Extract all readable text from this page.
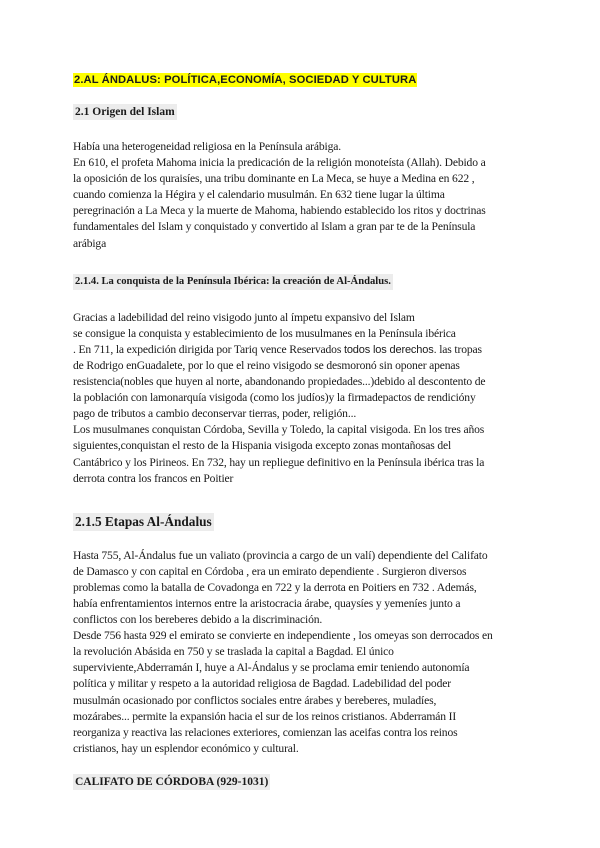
2.AL ÁNDALUS: POLÍTICA,ECONOMÍA, SOCIEDAD Y CULTURA
2.1 Origen del Islam
Había una heterogeneidad religiosa en la Península arábiga.
En 610, el profeta Mahoma inicia la predicación de la religión monoteísta (Allah). Debido a
la oposición de los quraisíes, una tribu dominante en La Meca, se huye a Medina en 622 ,
cuando comienza la Hégira y el calendario musulmán. En 632 tiene lugar la última
peregrinación a La Meca y la muerte de Mahoma, habiendo establecido los ritos y doctrinas
fundamentales del Islam y conquistado y convertido al Islam a gran par te de la Península
arábiga
2.1.4. La conquista de la Península Ibérica: la creación de Al-Ándalus.
Gracias a ladebilidad del reino visigodo junto al ímpetu expansivo del Islam
se consigue la conquista y establecimiento de los musulmanes en la Península ibérica
. En 711, la expedición dirigida por Tariq vence Reservados todos los derechos. las tropas
de Rodrigo enGuadalete, por lo que el reino visigodo se desmoronó sin oponer apenas
resistencia(nobles que huyen al norte, abandonando propiedades...)debido al descontento de
la población con lamonarquía visigoda (como los judíos)y la firmadepactos de rendicióny
pago de tributos a cambio deconservar tierras, poder, religión...
Los musulmanes conquistan Córdoba, Sevilla y Toledo, la capital visigoda. En los tres años
siguientes,conquistan el resto de la Hispania visigoda excepto zonas montañosas del
Cantábrico y los Pirineos. En 732, hay un repliegue definitivo en la Península ibérica tras la
derrota contra los francos en Poitier
2.1.5 Etapas Al-Ándalus
Hasta 755, Al-Ándalus fue un valiato (provincia a cargo de un valí) dependiente del Califato
de Damasco y con capital en Córdoba , era un emirato dependiente . Surgieron diversos
problemas como la batalla de Covadonga en 722 y la derrota en Poitiers en 732 . Además,
había enfrentamientos internos entre la aristocracia árabe, quaysíes y yemeníes junto a
conflictos con los bereberes debido a la discriminación.
Desde 756 hasta 929 el emirato se convierte en independiente , los omeyas son derrocados en
la revolución Abásida en 750 y se traslada la capital a Bagdad. El único
superviviente,Abderramán I, huye a Al-Ándalus y se proclama emir teniendo autonomía
política y militar y respeto a la autoridad religiosa de Bagdad. Ladebilidad del poder
musulmán ocasionado por conflictos sociales entre árabes y bereberes, muladíes,
mozárabes... permite la expansión hacia el sur de los reinos cristianos. Abderramán II
reorganiza y reactiva las relaciones exteriores, comienzan las aceifas contra los reinos
cristianos, hay un esplendor económico y cultural.
CALIFATO DE CÓRDOBA (929-1031)
